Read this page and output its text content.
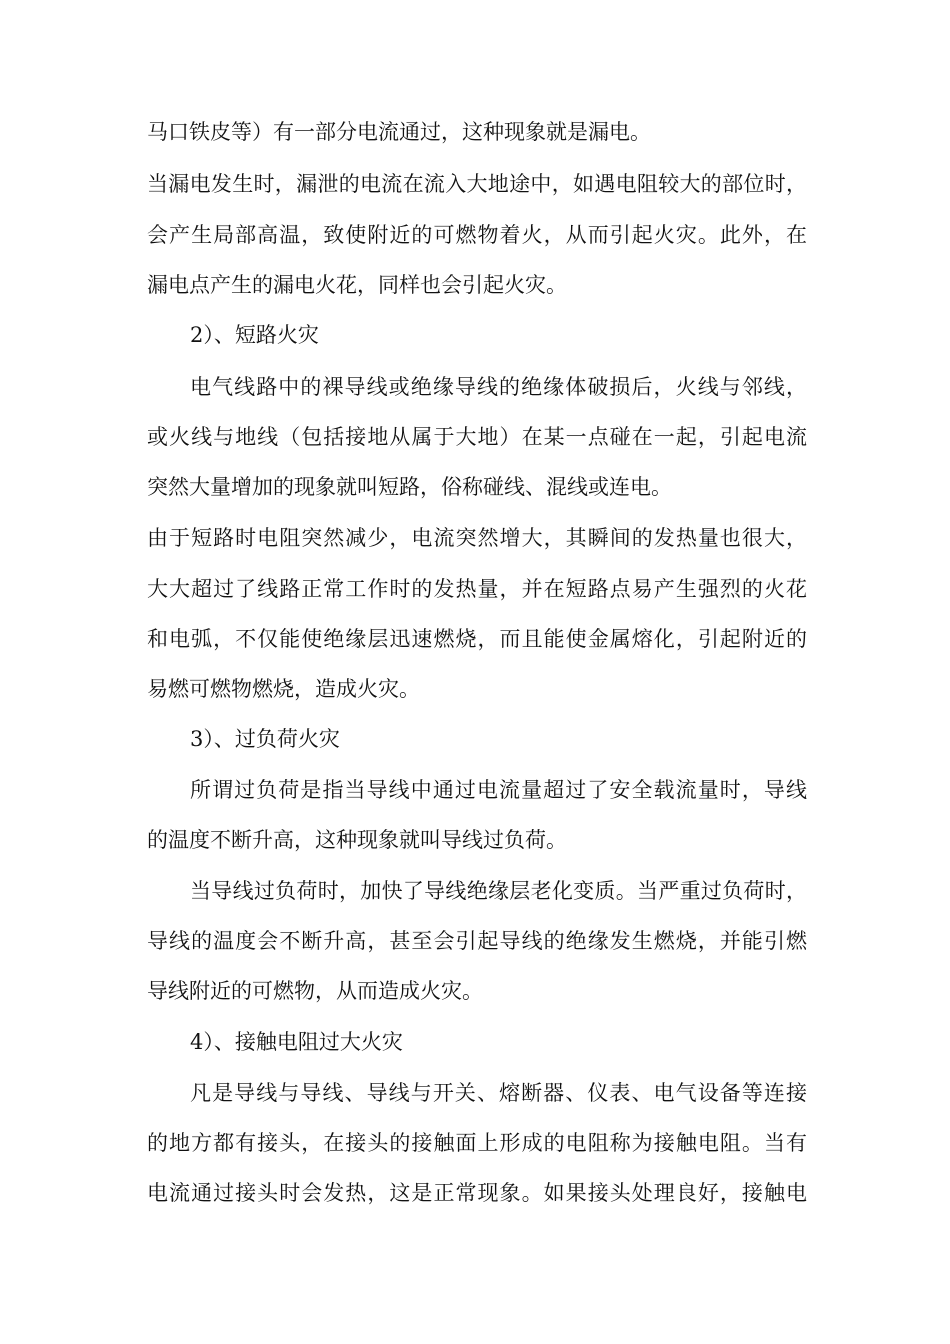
马口铁皮等）有一部分电流通过，这种现象就是漏电。
当漏电发生时，漏泄的电流在流入大地途中，如遇电阻较大的部位时，
会产生局部高温，致使附近的可燃物着火，从而引起火灾。此外，在
漏电点产生的漏电火花，同样也会引起火灾。
2）、短路火灾
电气线路中的裸导线或绝缘导线的绝缘体破损后，火线与邻线，
或火线与地线（包括接地从属于大地）在某一点碰在一起，引起电流
突然大量增加的现象就叫短路，俗称碰线、混线或连电。
由于短路时电阻突然减少，电流突然增大，其瞬间的发热量也很大，
大大超过了线路正常工作时的发热量，并在短路点易产生强烈的火花
和电弧，不仅能使绝缘层迅速燃烧，而且能使金属熔化，引起附近的
易燃可燃物燃烧，造成火灾。
3）、过负荷火灾
所谓过负荷是指当导线中通过电流量超过了安全载流量时，导线
的温度不断升高，这种现象就叫导线过负荷。
当导线过负荷时，加快了导线绝缘层老化变质。当严重过负荷时，
导线的温度会不断升高，甚至会引起导线的绝缘发生燃烧，并能引燃
导线附近的可燃物，从而造成火灾。
4）、接触电阻过大火灾
凡是导线与导线、导线与开关、熔断器、仪表、电气设备等连接
的地方都有接头，在接头的接触面上形成的电阻称为接触电阻。当有
电流通过接头时会发热，这是正常现象。如果接头处理良好，接触电
